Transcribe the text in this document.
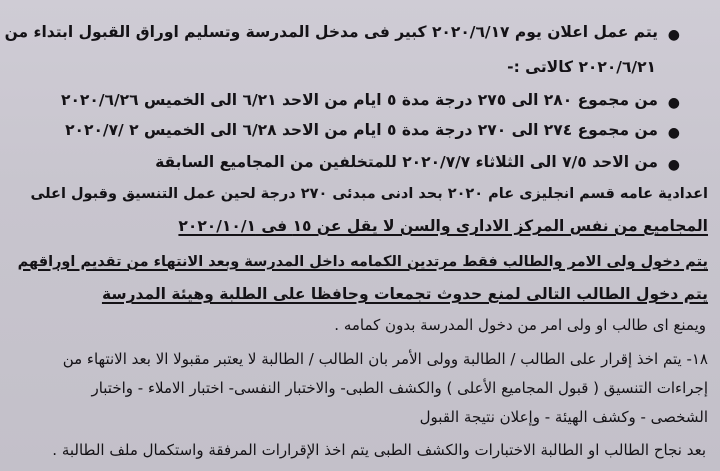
●
يتم عمل اعلان يوم ٢٠٢٠/٦/١٧ كبير فى مدخل المدرسة وتسليم اوراق القبول ابتداء من
٢٠٢٠/٦/٢١ كالاتى :-
●
من مجموع ٢٨٠ الى ٢٧٥ درجة مدة ٥ ايام من الاحد ٦/٢١ الى الخميس ٢٠٢٠/٦/٢٦
●
من مجموع ٢٧٤ الى ٢٧٠ درجة مدة ٥ ايام من الاحد ٦/٢٨ الى الخميس ٢ /٢٠٢٠/٧
●
من الاحد ٧/٥ الى الثلاثاء ٢٠٢٠/٧/٧ للمتخلفين من المجاميع السابقة
اعدادية عامه قسم انجليزى عام ٢٠٢٠ بحد ادنى مبدئى ٢٧٠ درجة لحين عمل التنسيق وقبول اعلى
المجاميع من نفس المركز الادارى والسن لا يقل عن ١٥ فى ٢٠٢٠/١٠/١
يتم دخول ولى الامر والطالب فقط مرتدين الكمامه داخل المدرسة وبعد الانتهاء من تقديم اوراقهم
يتم دخول الطالب التالى لمنع حدوث تجمعات وحافظا على الطلبة وهيئة المدرسة
ويمنع اى طالب او ولى امر من دخول المدرسة بدون كمامه .
١٨- يتم اخذ إقرار على الطالب / الطالبة وولى الأمر بان الطالب / الطالبة لا يعتبر مقبولا الا بعد الانتهاء من
إجراءات التنسيق ( قبول المجاميع الأعلى ) والكشف الطبى- والاختبار النفسى- اختبار الاملاء - واختبار
الشخصى - وكشف الهيئة - وإعلان نتيجة القبول
بعد نجاح الطالب او الطالبة الاختبارات والكشف الطبى يتم اخذ الإقرارات المرفقة واستكمال ملف الطالبة .
